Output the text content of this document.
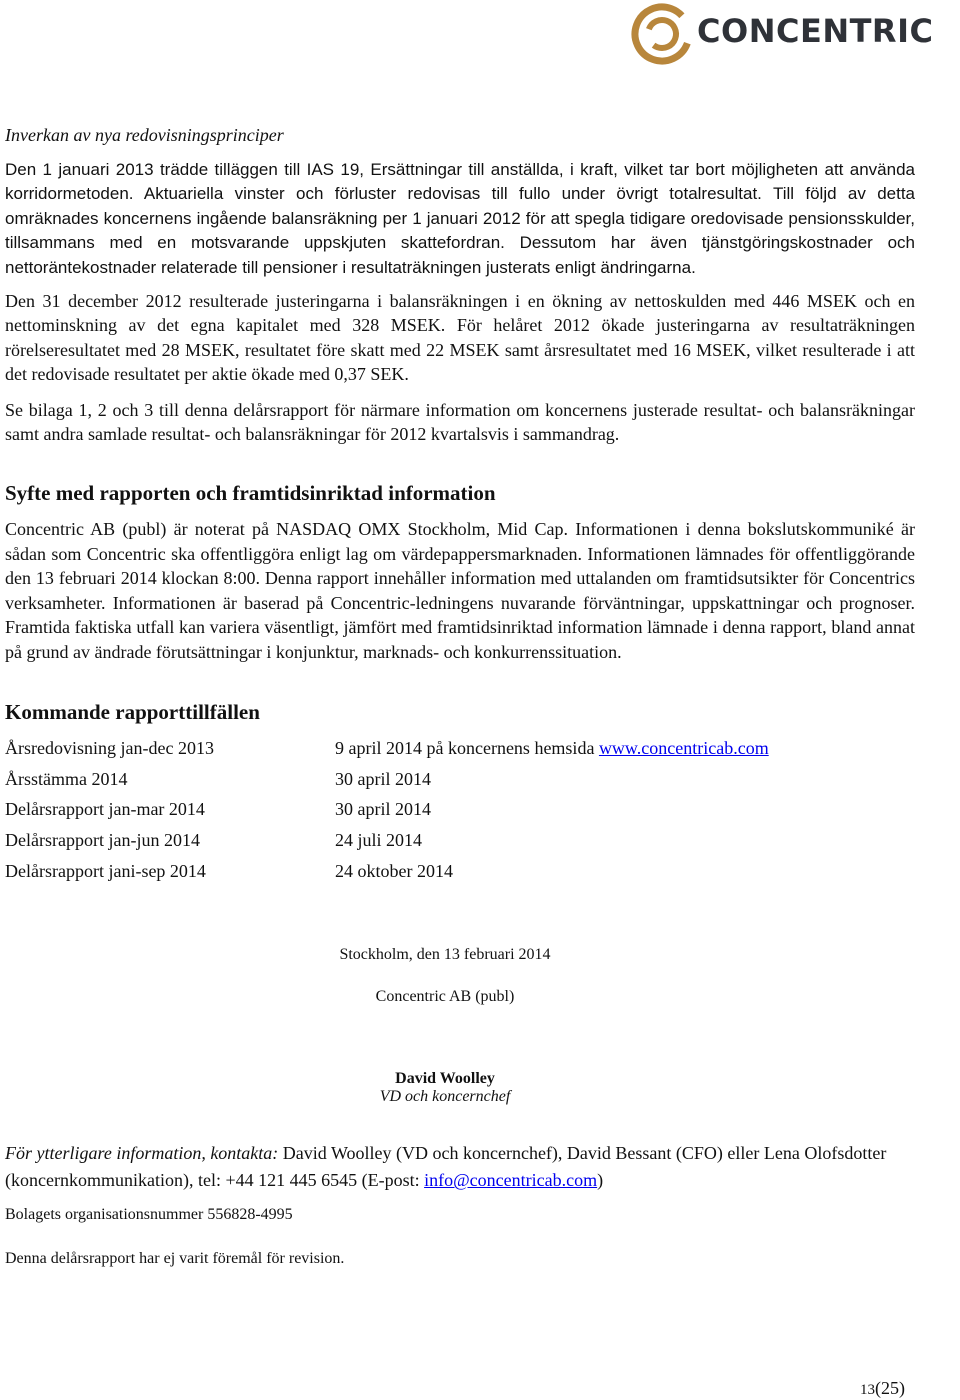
CONCENTRIC
Inverkan av nya redovisningsprinciper

Den 1 januari 2013 trädde tilläggen till IAS 19, Ersättningar till anställda, i kraft, vilket tar bort möjligheten att använda korridormetoden. Aktuariella vinster och förluster redovisas till fullo under övrigt totalresultat. Till följd av detta omräknades koncernens ingående balansräkning per 1 januari 2012 för att spegla tidigare oredovisade pensionsskulder, tillsammans med en motsvarande uppskjuten skattefordran. Dessutom har även tjänstgöringskostnader och nettoräntekostnader relaterade till pensioner i resultaträkningen justerats enligt ändringarna.

Den 31 december 2012 resulterade justeringarna i balansräkningen i en ökning av nettoskulden med 446 MSEK och en nettominskning av det egna kapitalet med 328 MSEK. För helåret 2012 ökade justeringarna av resultaträkningen rörelseresultatet med 28 MSEK, resultatet före skatt med 22 MSEK samt årsresultatet med 16 MSEK, vilket resulterade i att det redovisade resultatet per aktie ökade med 0,37 SEK.

Se bilaga 1, 2 och 3 till denna delårsrapport för närmare information om koncernens justerade resultat- och balansräkningar samt andra samlade resultat- och balansräkningar för 2012 kvartalsvis i sammandrag.

Syfte med rapporten och framtidsinriktad information

Concentric AB (publ) är noterat på NASDAQ OMX Stockholm, Mid Cap. Informationen i denna bokslutskommuniké är sådan som Concentric ska offentliggöra enligt lag om värdepappersmarknaden. Informationen lämnades för offentliggörande den 13 februari 2014 klockan 8:00. Denna rapport innehåller information med uttalanden om framtidsutsikter för Concentrics verksamheter. Informationen är baserad på Concentric-ledningens nuvarande förväntningar, uppskattningar och prognoser. Framtida faktiska utfall kan variera väsentligt, jämfört med framtidsinriktad information lämnade i denna rapport, bland annat på grund av ändrade förutsättningar i konjunktur, marknads- och konkurrenssituation.

Kommande rapporttillfällen
Årsredovisning jan-dec 2013	9 april 2014 på koncernens hemsida www.concentricab.com
Årsstämma 2014	30 april 2014
Delårsrapport jan-mar 2014	30 april 2014
Delårsrapport jan-jun 2014	24 juli 2014
Delårsrapport jani-sep 2014	24 oktober 2014
Stockholm, den 13 februari 2014
Concentric AB (publ)
David Woolley
VD och koncernchef
För ytterligare information, kontakta: David Woolley (VD och koncernchef), David Bessant (CFO) eller Lena Olofsdotter (koncernkommunikation), tel: +44 121 445 6545 (E-post: info@concentricab.com)
Bolagets organisationsnummer 556828-4995
Denna delårsrapport har ej varit föremål för revision.
13(25)
